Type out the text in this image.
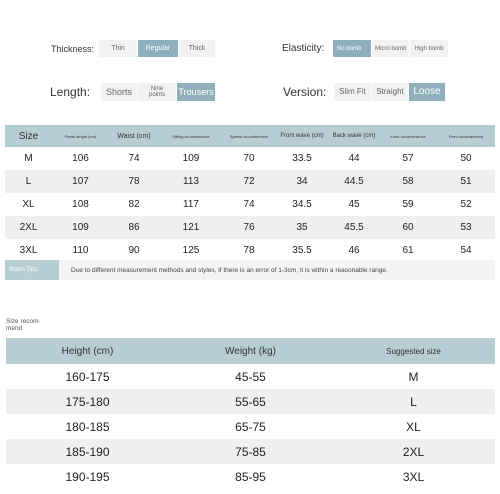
Thickness:	Thin	Regular	Thick	Elasticity:	No bomb	Micro bomb	High bomb
Length:	Shorts	Nine points	Trousers	Version:	Slim Fit	Straight Loose
Size	Pants length (cm)	Waist (cm)	Sitting circumference	Spleen circumference	Front wave (cm)	Back wave (cm)	Knee circumference	Feet circumference
M	106	74	109	70	33.5	44	57	50
L	107	78	113	72	34	44.5	58	51
XL	108	82	117	74	34.5	45	59	52
2XL	109	86	121	76	35	45.5	60	53
3XL	110	90	125	78	35.5	46	61	54
Warm Tips	Due to different measurement methods and styles, if there is an error of 1-3cm, it is within a reasonable range.
Size recom-mend
Height (cm)	Weight (kg)	Suggested size
160-175	45-55	M
175-180	55-65	L
180-185	65-75	XL
185-190	75-85	2XL
190-195	85-95	3XL
